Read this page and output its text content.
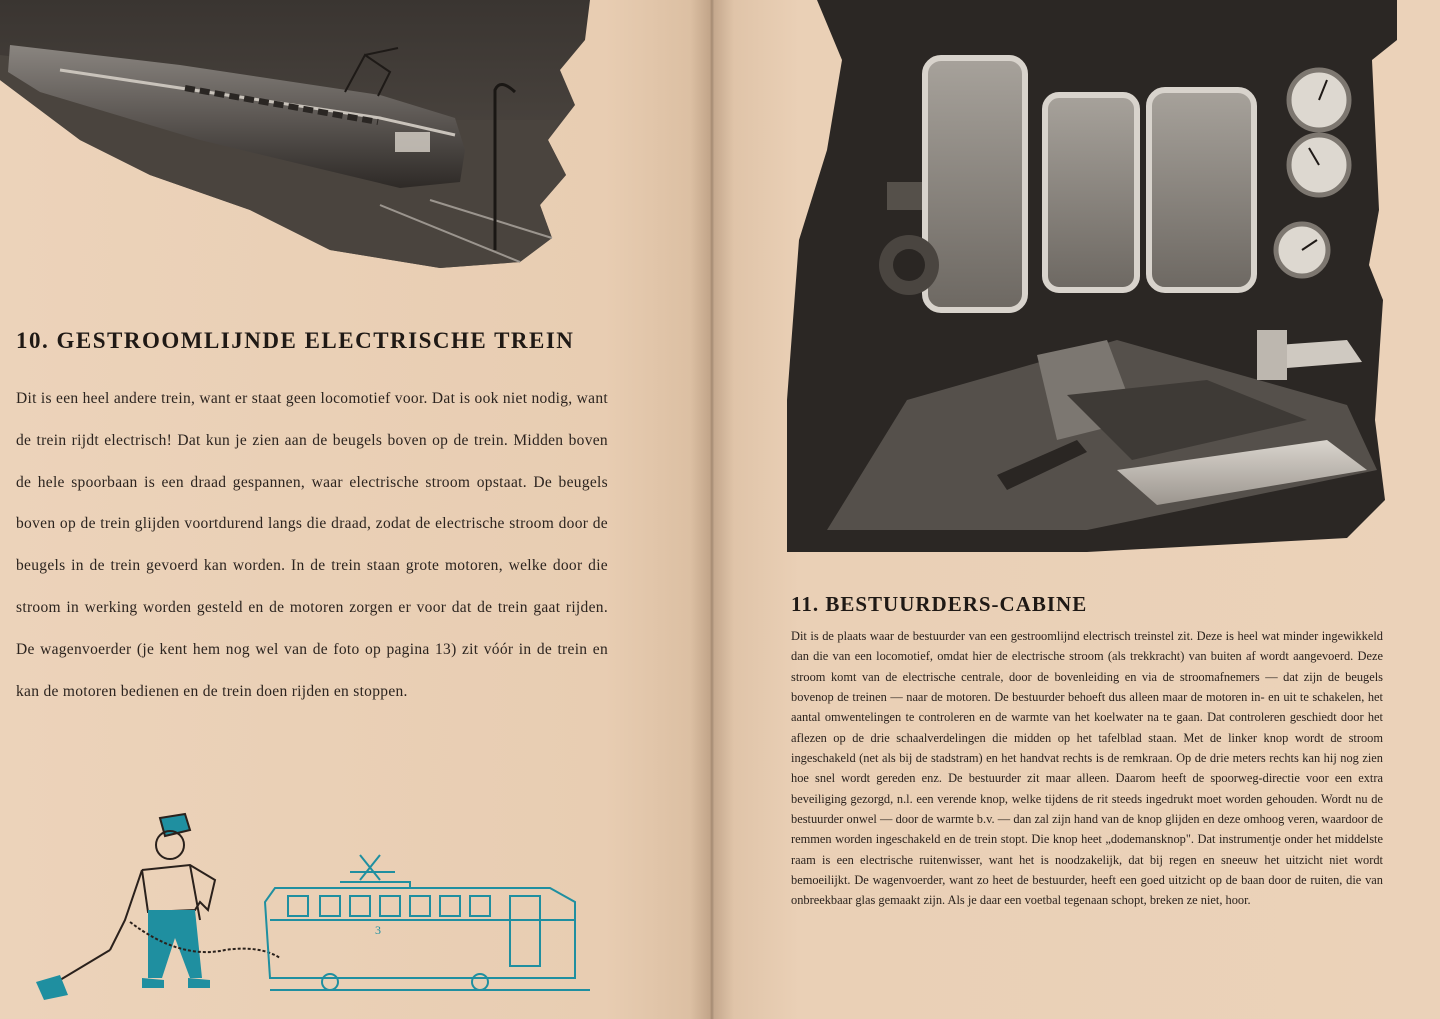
10. GESTROOMLIJNDE ELECTRISCHE TREIN

Dit is een heel andere trein, want er staat geen locomotief voor. Dat is ook niet nodig, want de trein rijdt electrisch! Dat kun je zien aan de beugels boven op de trein. Midden boven de hele spoorbaan is een draad gespannen, waar electrische stroom opstaat. De beugels boven op de trein glijden voortdurend langs die draad, zodat de electrische stroom door de beugels in de trein gevoerd kan worden. In de trein staan grote motoren, welke door die stroom in werking worden gesteld en de motoren zorgen er voor dat de trein gaat rijden. De wagenvoerder (je kent hem nog wel van de foto op pagina 13) zit vóór in de trein en kan de motoren bedienen en de trein doen rijden en stoppen.

3
11. BESTUURDERS-CABINE

Dit is de plaats waar de bestuurder van een gestroomlijnd electrisch treinstel zit. Deze is heel wat minder ingewikkeld dan die van een locomotief, omdat hier de electrische stroom (als trekkracht) van buiten af wordt aangevoerd. Deze stroom komt van de electrische centrale, door de bovenleiding en via de stroomafnemers — dat zijn de beugels bovenop de treinen — naar de motoren. De bestuurder behoeft dus alleen maar de motoren in- en uit te schakelen, het aantal omwentelingen te controleren en de warmte van het koelwater na te gaan. Dat controleren geschiedt door het aflezen op de drie schaalverdelingen die midden op het tafelblad staan. Met de linker knop wordt de stroom ingeschakeld (net als bij de stadstram) en het handvat rechts is de remkraan. Op de drie meters rechts kan hij nog zien hoe snel wordt gereden enz. De bestuurder zit maar alleen. Daarom heeft de spoorweg-directie voor een extra beveiliging gezorgd, n.l. een verende knop, welke tijdens de rit steeds ingedrukt moet worden gehouden. Wordt nu de bestuurder onwel — door de warmte b.v. — dan zal zijn hand van de knop glijden en deze omhoog veren, waardoor de remmen worden ingeschakeld en de trein stopt. Die knop heet „dodemansknop". Dat instrumentje onder het middelste raam is een electrische ruitenwisser, want het is noodzakelijk, dat bij regen en sneeuw het uitzicht niet wordt bemoeilijkt. De wagenvoerder, want zo heet de bestuurder, heeft een goed uitzicht op de baan door de ruiten, die van onbreekbaar glas gemaakt zijn. Als je daar een voetbal tegenaan schopt, breken ze niet, hoor.
